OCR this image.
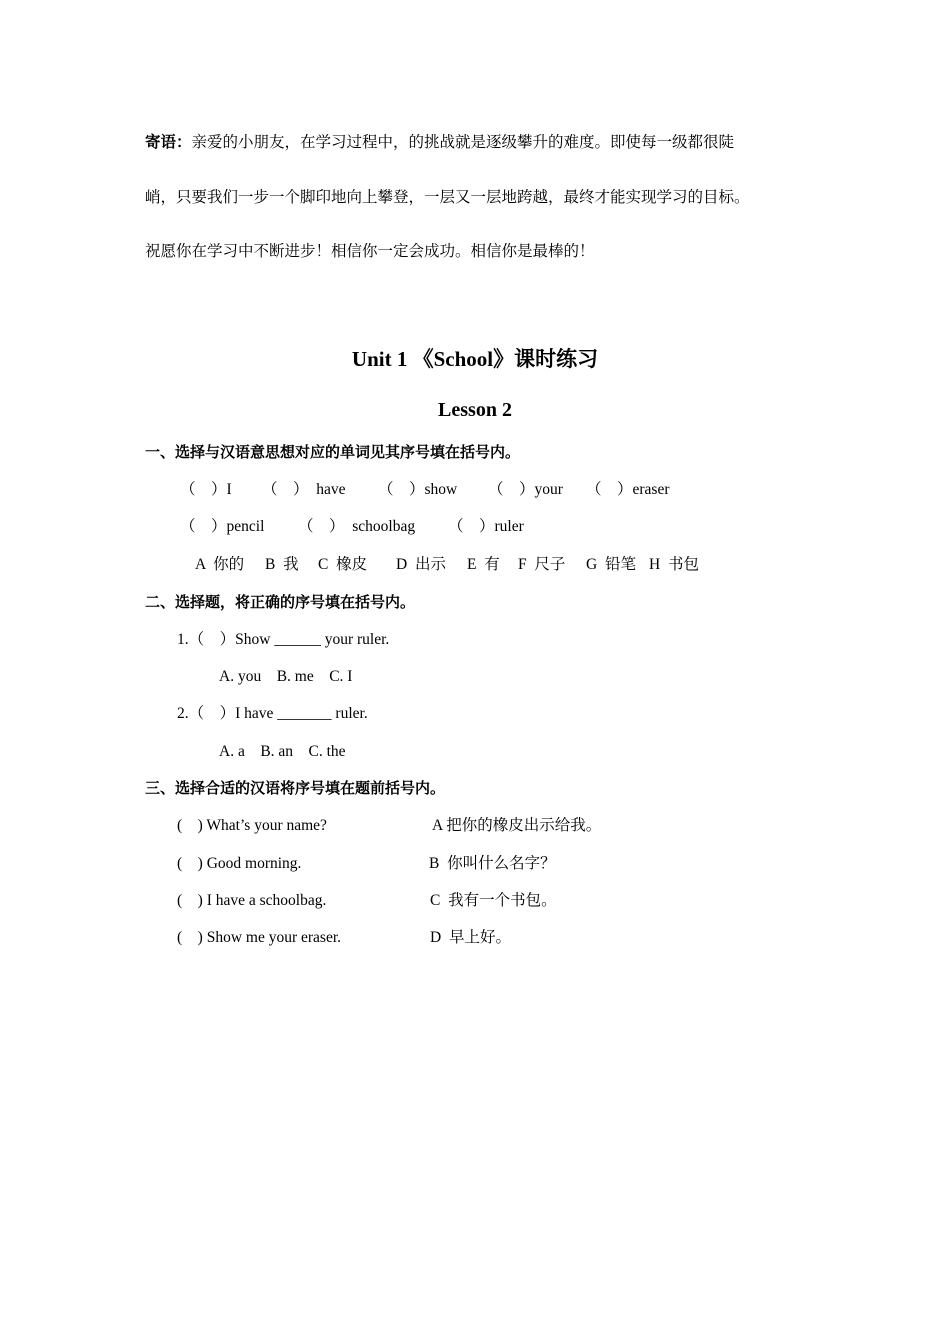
寄语：亲爱的小朋友，在学习过程中，的挑战就是逐级攀升的难度。即使每一级都很陡
峭，只要我们一步一个脚印地向上攀登，一层又一层地跨越，最终才能实现学习的目标。
祝愿你在学习中不断进步！相信你一定会成功。相信你是最棒的！
Unit 1 《School》课时练习
Lesson 2
一、选择与汉语意思想对应的单词见其序号填在括号内。
（    ）I （    ）  have （    ）show （    ）your （    ）eraser
（    ）pencil （    ）  schoolbag （    ）ruler
A  你的 B  我 C  橡皮 D  出示 E  有 F  尺子 G  铅笔 H  书包
二、选择题，将正确的序号填在括号内。
1.（    ）Show ______ your ruler.
A. you    B. me    C. I
2.（    ）I have _______ ruler.
A. a    B. an    C. the
三、选择合适的汉语将序号填在题前括号内。
(    ) What’s your name?	A 把你的橡皮出示给我。
(    ) Good morning.	B  你叫什么名字？
(    ) I have a schoolbag.	C  我有一个书包。
(    ) Show me your eraser.	D  早上好。
